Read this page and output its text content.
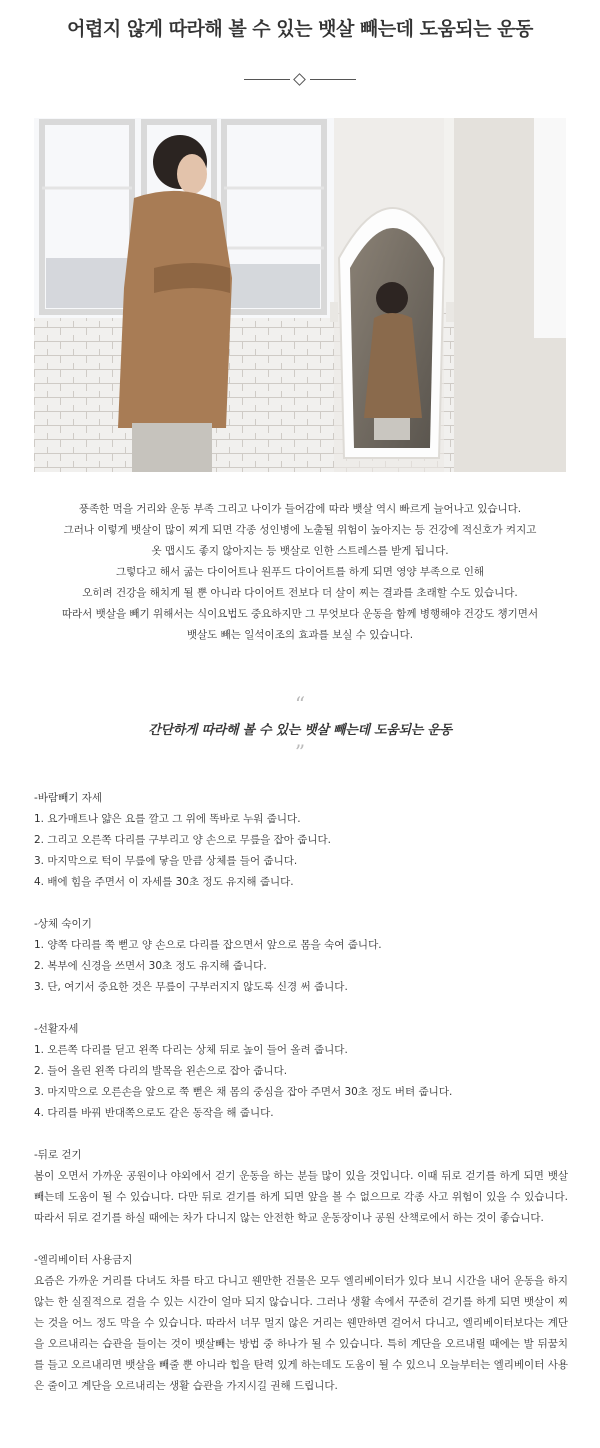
어렵지 않게 따라해 볼 수 있는 뱃살 빼는데 도움되는 운동

풍족한 먹을 거리와 운동 부족 그리고 나이가 들어감에 따라 뱃살 역시 빠르게 늘어나고 있습니다.

그러나 이렇게 뱃살이 많이 찌게 되면 각종 성인병에 노출될 위험이 높아지는 등 건강에 적신호가 켜지고

옷 맵시도 좋지 않아지는 등 뱃살로 인한 스트레스를 받게 됩니다.

그렇다고 해서 굶는 다이어트나 원푸드 다이어트를 하게 되면 영양 부족으로 인해

오히려 건강을 해치게 될 뿐 아니라 다이어트 전보다 더 살이 찌는 결과를 초래할 수도 있습니다.

따라서 뱃살을 빼기 위해서는 식이요법도 중요하지만 그 무엇보다 운동을 함께 병행해야 건강도 챙기면서

뱃살도 빼는 일석이조의 효과를 보실 수 있습니다.

“
간단하게 따라해 볼 수 있는 뱃살 빼는데 도움되는 운동
”

-바람빼기 자세

1. 요가매트나 얇은 요를 깔고 그 위에 똑바로 누워 줍니다.

2. 그리고 오른쪽 다리를 구부리고 양 손으로 무릎을 잡아 줍니다.

3. 마지막으로 턱이 무릎에 닿을 만큼 상체를 들어 줍니다.

4. 배에 힘을 주면서 이 자세를 30초 정도 유지해 줍니다.

-상체 숙이기

1. 양쪽 다리를 쭉 뻗고 양 손으로 다리를 잡으면서 앞으로 몸을 숙여 줍니다.

2. 복부에 신경을 쓰면서 30초 정도 유지해 줍니다.

3. 단, 여기서 중요한 것은 무릎이 구부러지지 않도록 신경 써 줍니다.

-선활자세

1. 오른쪽 다리를 딛고 왼쪽 다리는 상체 뒤로 높이 들어 올려 줍니다.

2. 들어 올린 왼쪽 다리의 발목을 왼손으로 잡아 줍니다.

3. 마지막으로 오른손을 앞으로 쭉 뻗은 채 몸의 중심을 잡아 주면서 30초 정도 버텨 줍니다.

4. 다리를 바꿔 반대쪽으로도 같은 동작을 해 줍니다.

-뒤로 걷기

봄이 오면서 가까운 공원이나 야외에서 걷기 운동을 하는 분들 많이 있을 것입니다. 이때 뒤로 걷기를 하게 되면 뱃살 빼는데 도움이 될 수 있습니다. 다만 뒤로 걷기를 하게 되면 앞을 볼 수 없으므로 각종 사고 위험이 있을 수 있습니다. 따라서 뒤로 걷기를 하실 때에는 차가 다니지 않는 안전한 학교 운동장이나 공원 산책로에서 하는 것이 좋습니다.

-엘리베이터 사용금지

요즘은 가까운 거리를 다녀도 차를 타고 다니고 웬만한 건물은 모두 엘리베이터가 있다 보니 시간을 내어 운동을 하지 않는 한 실질적으로 걸을 수 있는 시간이 얼마 되지 않습니다. 그러나 생활 속에서 꾸준히 걷기를 하게 되면 뱃살이 찌는 것을 어느 정도 막을 수 있습니다. 따라서 너무 멀지 않은 거리는 웬만하면 걸어서 다니고, 엘리베이터보다는 계단을 오르내리는 습관을 들이는 것이 뱃살빼는 방법 중 하나가 될 수 있습니다. 특히 계단을 오르내릴 때에는 발 뒤꿈치를 들고 오르내리면 뱃살을 빼줄 뿐 아니라 힙을 탄력 있게 하는데도 도움이 될 수 있으니 오늘부터는 엘리베이터 사용은 줄이고 계단을 오르내리는 생활 습관을 가지시길 권해 드립니다.
